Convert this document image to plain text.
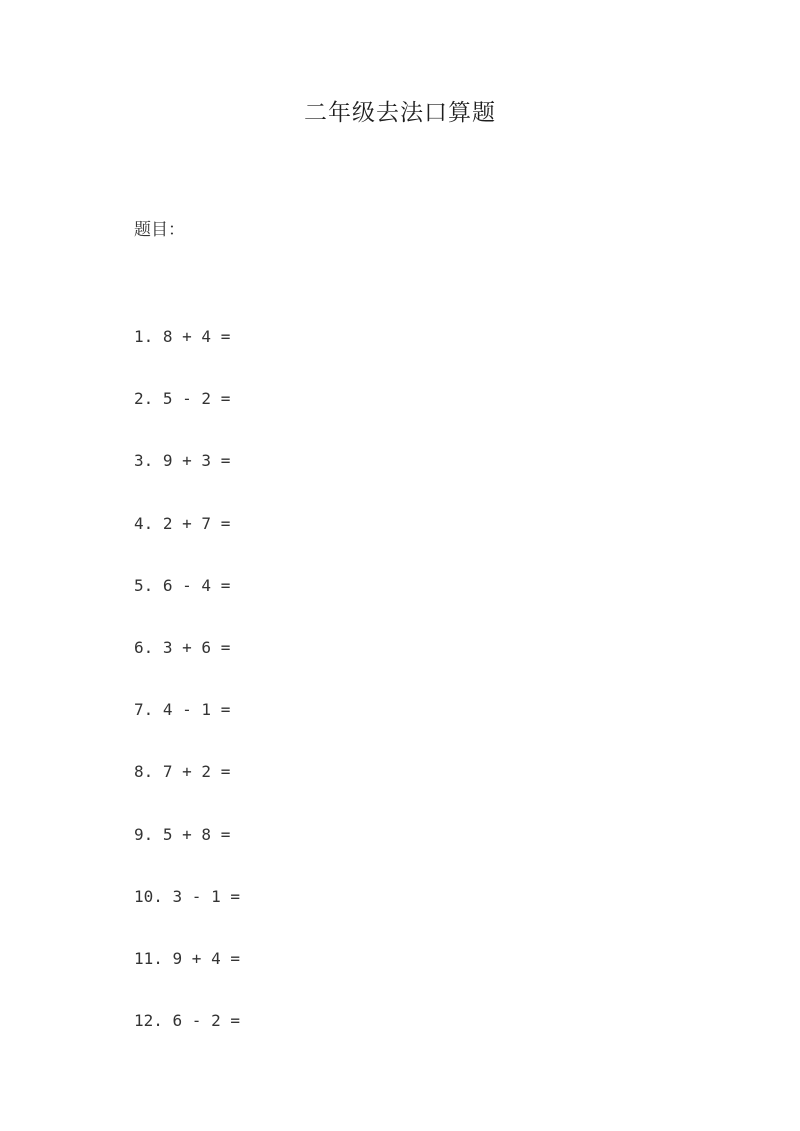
二年级去法口算题
题目：
1. 8 + 4 =
2. 5 - 2 =
3. 9 + 3 =
4. 2 + 7 =
5. 6 - 4 =
6. 3 + 6 =
7. 4 - 1 =
8. 7 + 2 =
9. 5 + 8 =
10. 3 - 1 =
11. 9 + 4 =
12. 6 - 2 =
